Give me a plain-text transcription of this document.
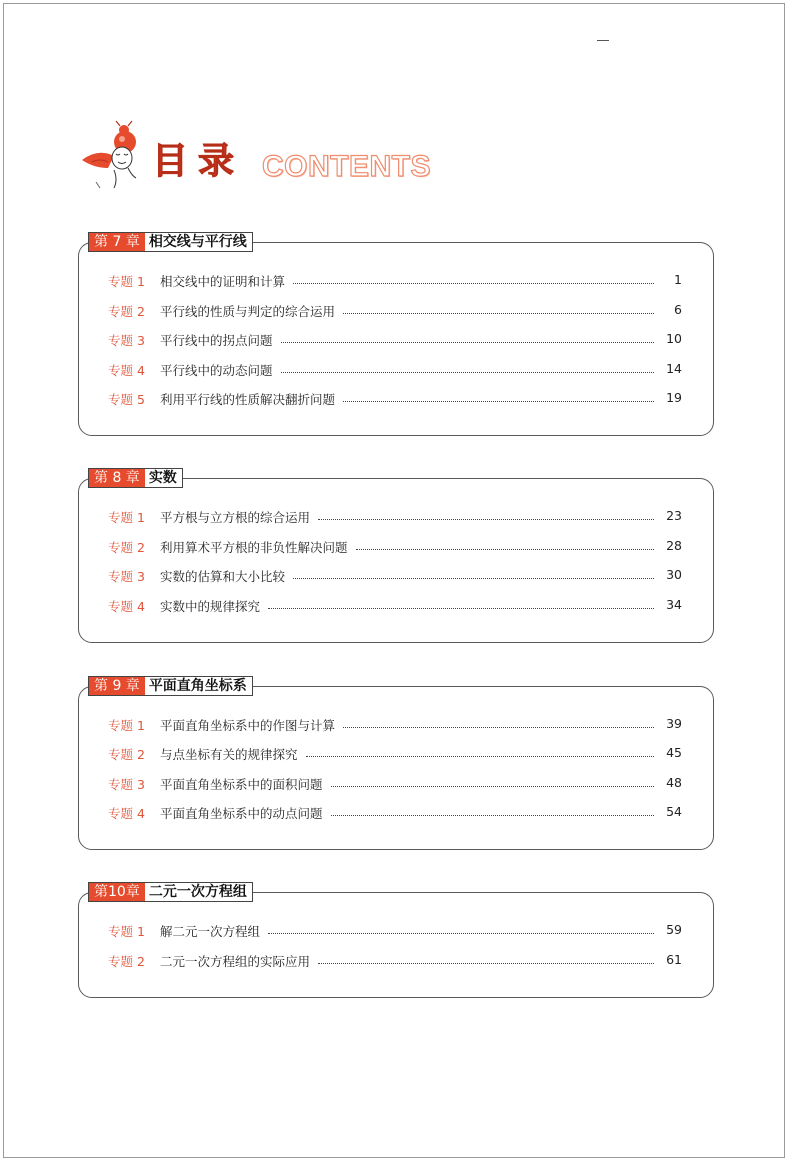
目录 CONTENTS
第 7 章 相交线与平行线
专题 1 相交线中的证明和计算	1
专题 2 平行线的性质与判定的综合运用	6
专题 3 平行线中的拐点问题	10
专题 4 平行线中的动态问题	14
专题 5 利用平行线的性质解决翻折问题	19
第 8 章 实数
专题 1 平方根与立方根的综合运用	23
专题 2 利用算术平方根的非负性解决问题	28
专题 3 实数的估算和大小比较	30
专题 4 实数中的规律探究	34
第 9 章 平面直角坐标系
专题 1 平面直角坐标系中的作图与计算	39
专题 2 与点坐标有关的规律探究	45
专题 3 平面直角坐标系中的面积问题	48
专题 4 平面直角坐标系中的动点问题	54
第10章 二元一次方程组
专题 1 解二元一次方程组	59
专题 2 二元一次方程组的实际应用	61
